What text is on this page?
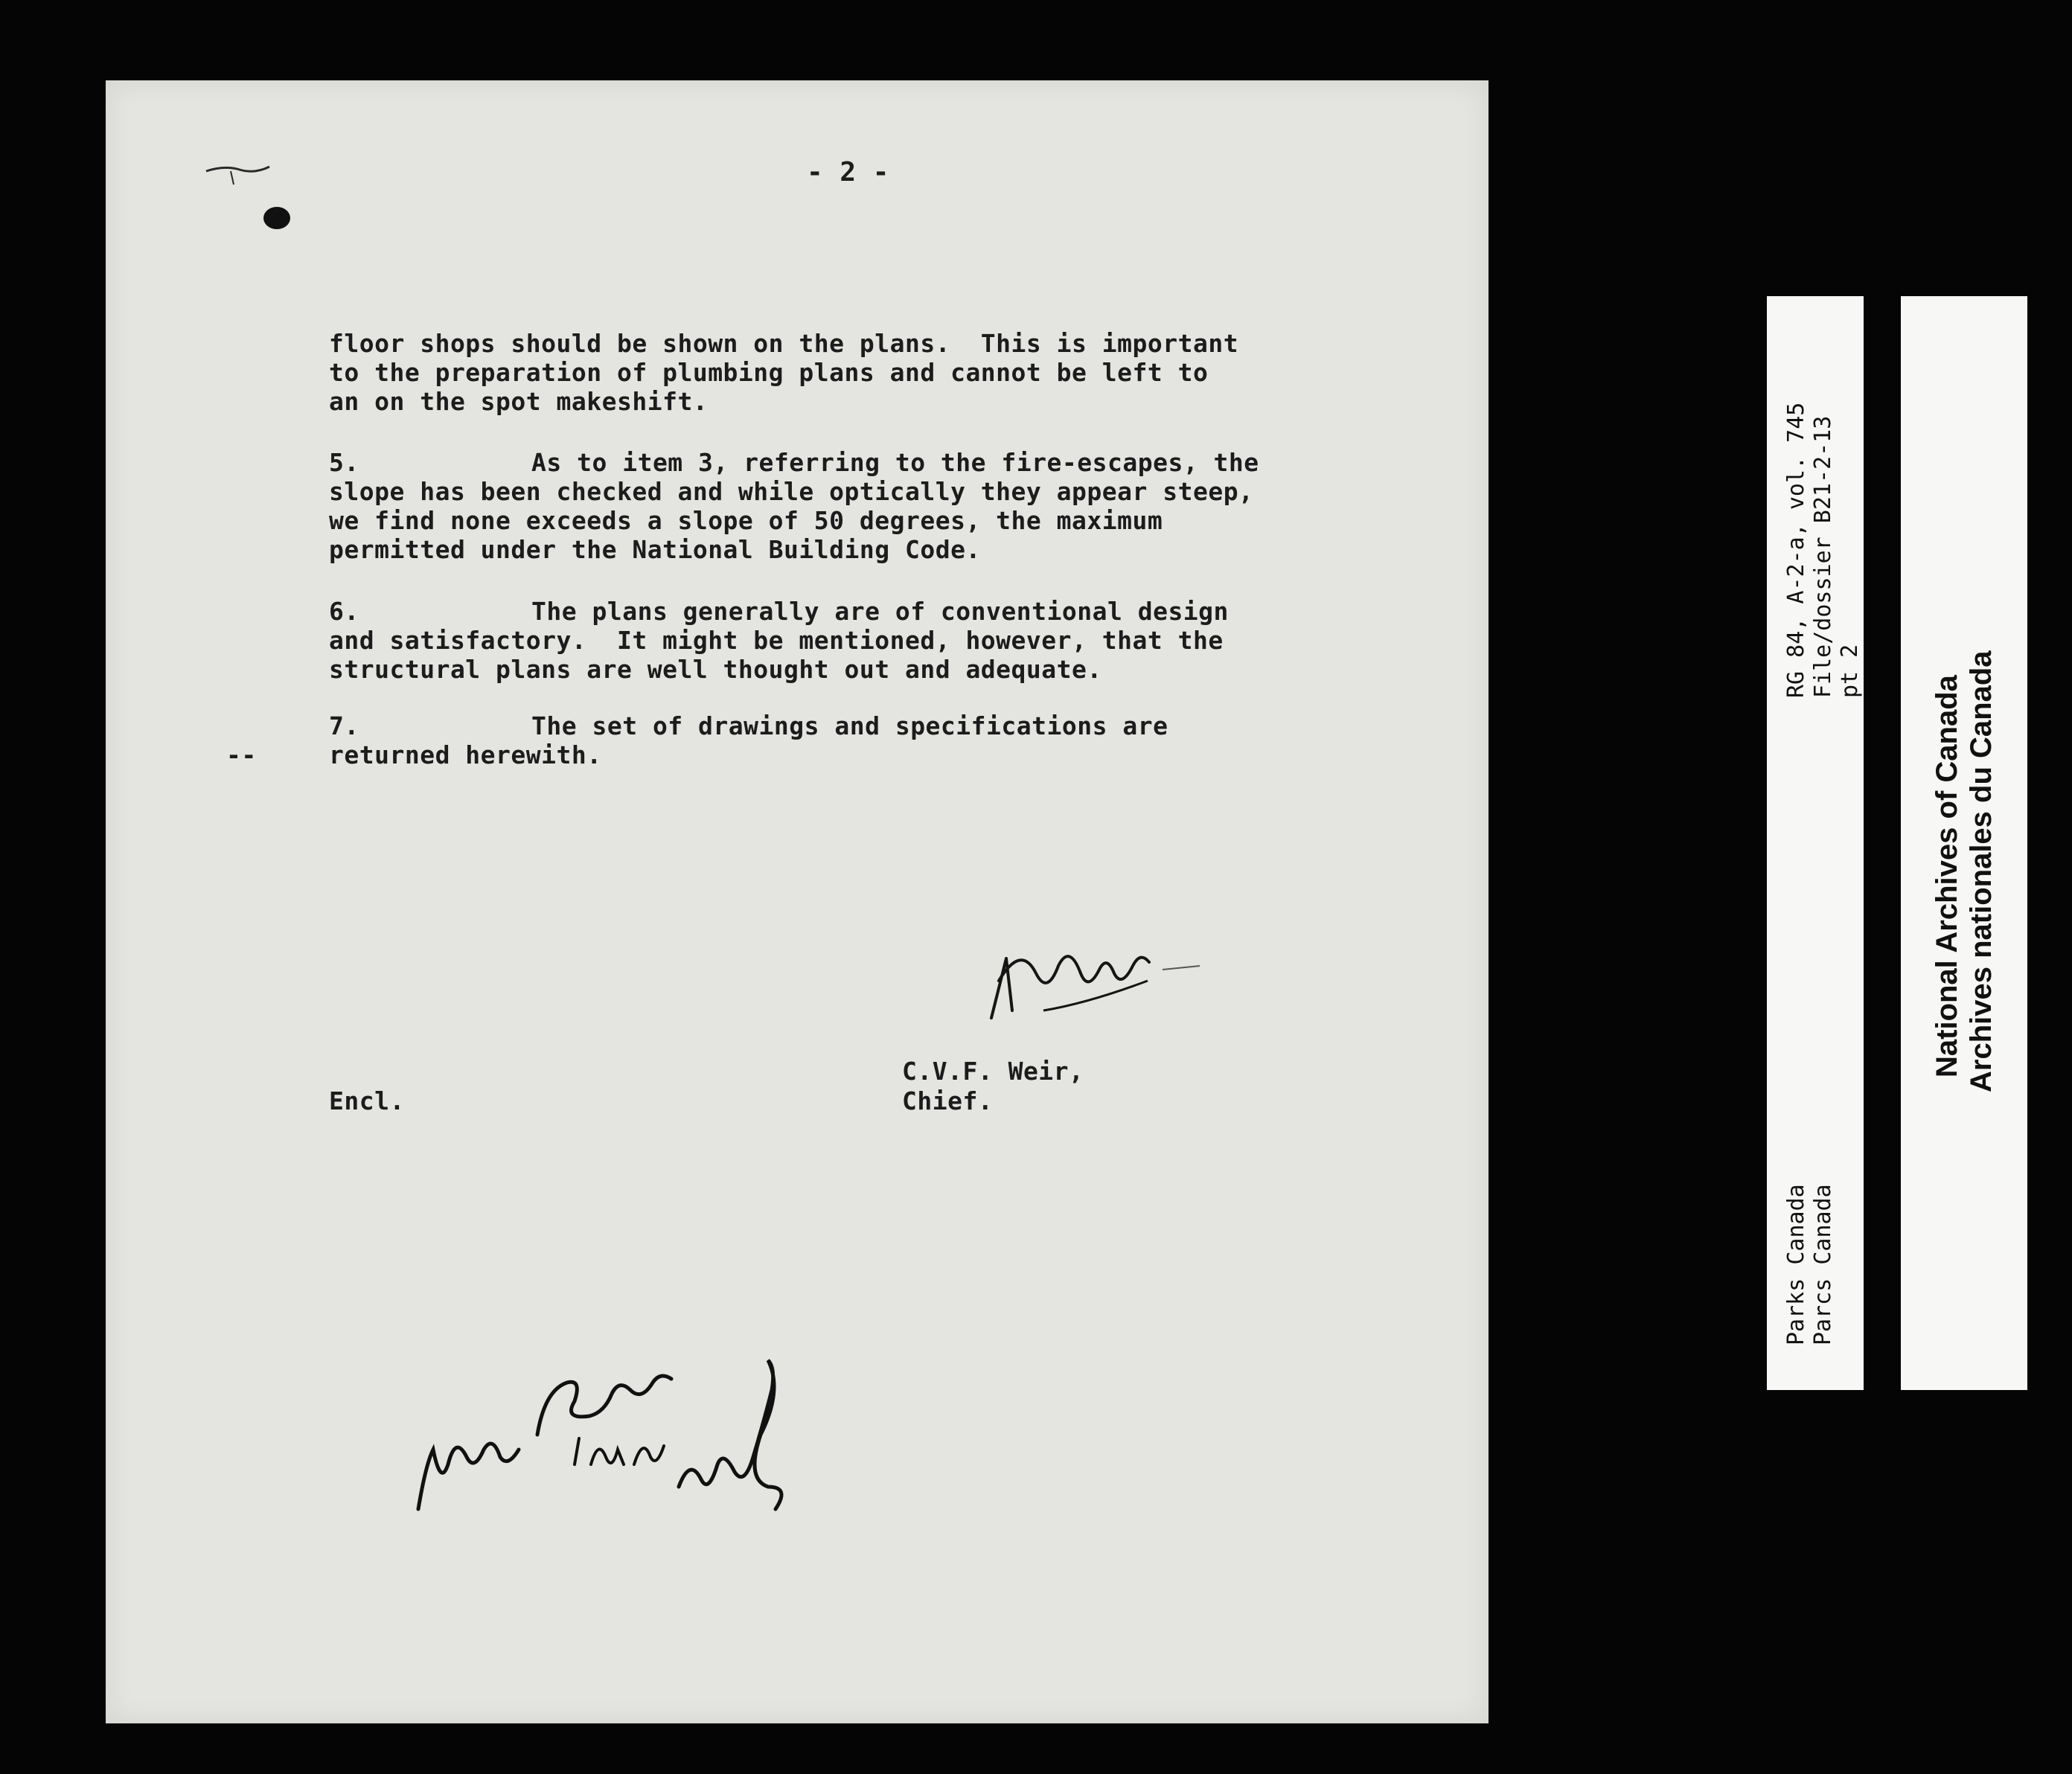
- 2 -
floor shops should be shown on the plans.  This is important
to the preparation of plumbing plans and cannot be left to
an on the spot makeshift.
5.	As to item 3, referring to the fire-escapes, the
slope has been checked and while optically they appear steep,
we find none exceeds a slope of 50 degrees, the maximum
permitted under the National Building Code.
6.	The plans generally are of conventional design
and satisfactory.  It might be mentioned, however, that the
structural plans are well thought out and adequate.
7.	The set of drawings and specifications are
--	returned herewith.
C.V.F. Weir,
Chief.
Encl.
RG 84, A-2-a, vol. 745 File/dossier B21-2-13 pt 2
Parks Canada Parcs Canada
National Archives of Canada Archives nationales du Canada
